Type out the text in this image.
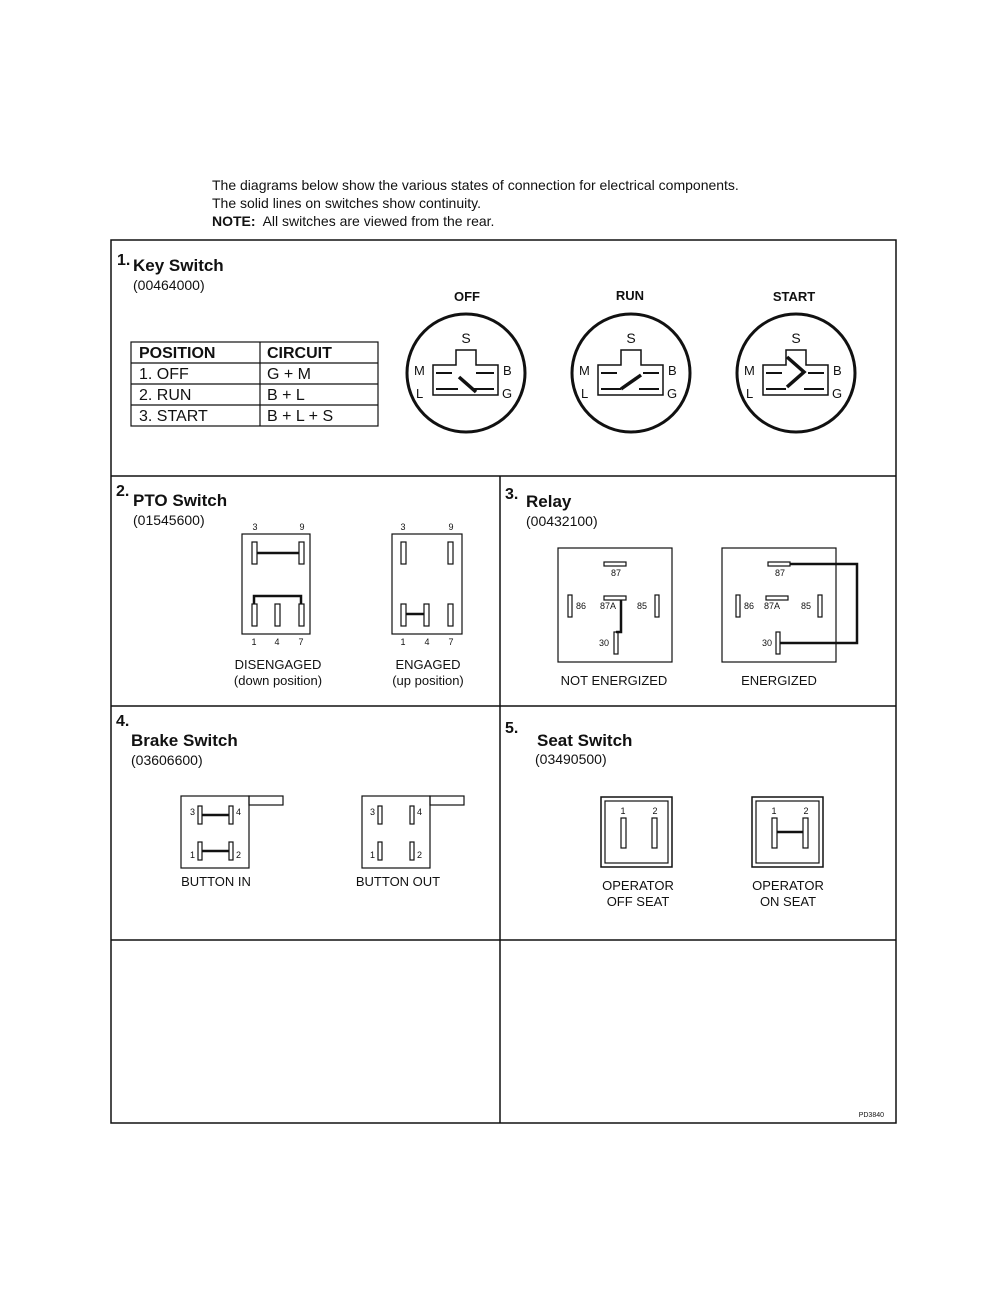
The diagrams below show the various states of connection for electrical components.
The solid lines on switches show continuity.
NOTE: All switches are viewed from the rear.
1. Key Switch
(00464000)
POSITION	CIRCUIT
1. OFF	G + M
2. RUN	B + L
3. START	B + L + S
OFF
S
M
L
B
G
RUN
S
M
L
B
G
START
S
M
L
B
G
2. PTO Switch
(01545600)	3	9
1 4 7
DISENGAGED
(down position)
3	9
1 4 7
ENGAGED
(up position)
3. Relay
(00432100)
87
86 87A 85
30
NOT ENERGIZED
87
86 87A 85
30
ENERGIZED
4.
Brake Switch
(03606600)
3	4
1	2
BUTTON IN
3	4
1	2
BUTTON OUT
5.
Seat Switch
(03490500)
1	2
OPERATOR
OFF SEAT
1	2
OPERATOR
ON SEAT
PD3840
